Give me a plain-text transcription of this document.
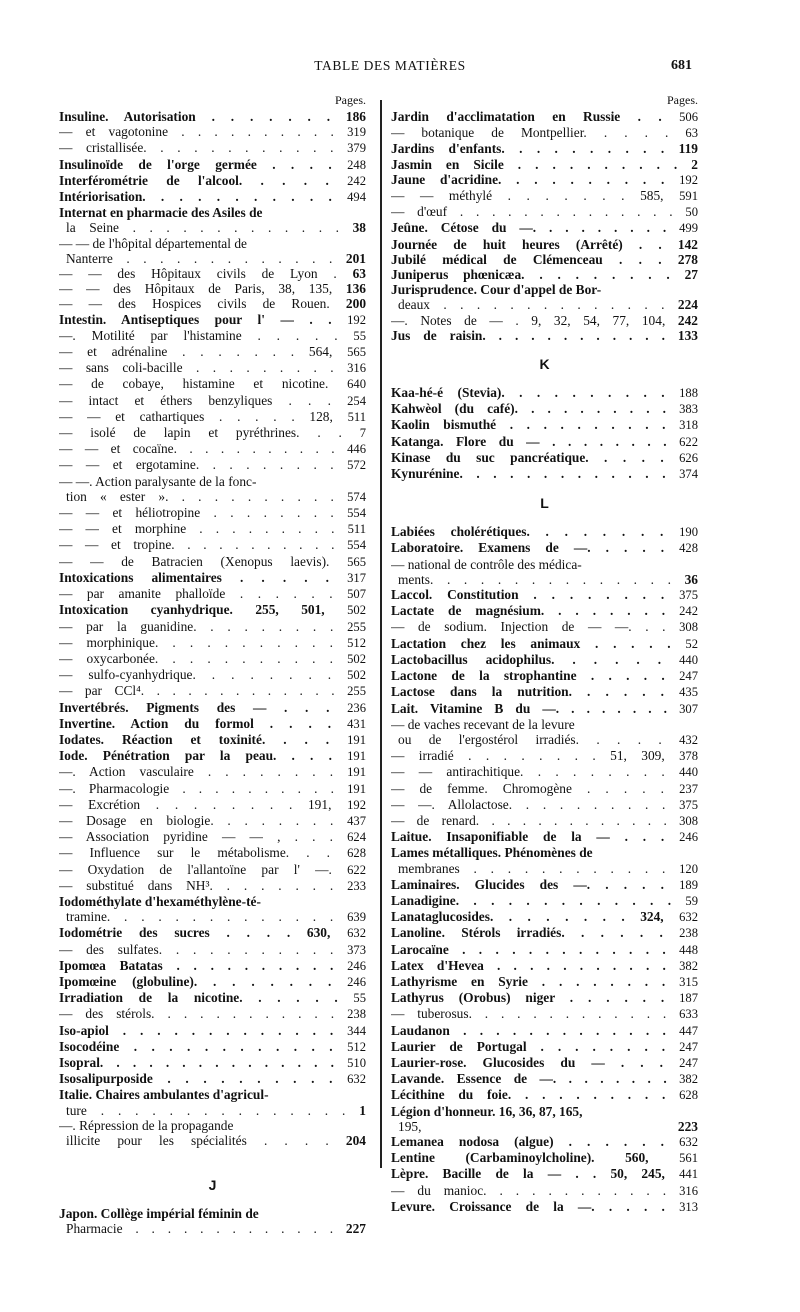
TABLE DES MATIÈRES	681
Pages.
Insuline. Autorisation . . . . . . . 186
— et vagotonine . . . . . . . . . . 319
— cristallisée. . . . . . . . . . . . 379
Insulinoïde de l'orge germée . . . . 248
Interférométrie de l'alcool. . . . . 242
Intériorisation. . . . . . . . . . . 494
Internat en pharmacie des Asiles de
la Seine . . . . . . . . . . . . . 38
— — de l'hôpital départemental de
Nanterre . . . . . . . . . . . . . 201
— — des Hôpitaux civils de Lyon . 63
— — des Hôpitaux de Paris, 38, 135, 136
— — des Hospices civils de Rouen. 200
Intestin. Antiseptiques pour l' — . . 192
—. Motilité par l'histamine . . . . . 55
— et adrénaline . . . . . . . 564, 565
— sans coli-bacille . . . . . . . . . 316
— de cobaye, histamine et nicotine. 640
— intact et éthers benzyliques . . . 254
— — et cathartiques . . . . . 128, 511
— isolé de lapin et pyréthrines. . . 7
— — et cocaïne. . . . . . . . . . . 446
— — et ergotamine. . . . . . . . . 572
— —. Action paralysante de la fonc-
tion « ester ». . . . . . . . . . . 574
— — et héliotropine . . . . . . . . 554
— — et morphine . . . . . . . . . 511
— — et tropine. . . . . . . . . . . 554
— — de Batracien (Xenopus laevis). 565
Intoxications alimentaires . . . . . 317
— par amanite phalloïde . . . . . . 507
Intoxication cyanhydrique. 255, 501, 502
— par la guanidine. . . . . . . . . 255
— morphinique. . . . . . . . . . . 512
— oxycarbonée. . . . . . . . . . . 502
— sulfo-cyanhydrique. . . . . . . . 502
— par CCl⁴. . . . . . . . . . . . . 255
Invertébrés. Pigments des — . . . 236
Invertine. Action du formol . . . . 431
Iodates. Réaction et toxinité. . . . 191
Iode. Pénétration par la peau. . . . 191
—. Action vasculaire . . . . . . . . 191
—. Pharmacologie . . . . . . . . . . 191
— Excrétion . . . . . . . . 191, 192
— Dosage en biologie. . . . . . . . 437
— Association pyridine — — , . . . 624
— Influence sur le métabolisme. . . 628
— Oxydation de l'allantoïne par l' —. 622
— substitué dans NH³. . . . . . . . 233
Iodométhylate d'hexaméthylène-té-
tramine. . . . . . . . . . . . . . 639
Iodométrie des sucres . . . . 630, 632
— des sulfates. . . . . . . . . . . 373
Ipomœa Batatas . . . . . . . . . . 246
Ipomœine (globuline). . . . . . . . 246
Irradiation de la nicotine. . . . . . 55
— des stérols. . . . . . . . . . . . 238
Iso-apiol . . . . . . . . . . . . . 344
Isocodéine . . . . . . . . . . . . 512
Isopral. . . . . . . . . . . . . . . 510
Isosalipurposide . . . . . . . . . . 632
Italie. Chaires ambulantes d'agricul-
ture . . . . . . . . . . . . . . . 1
—. Répression de la propagande
illicite pour les spécialités . . . . 204
J
Japon. Collège impérial féminin de
Pharmacie . . . . . . . . . . . . . 227
Pages.
Jardin d'acclimatation en Russie . . 506
— botanique de Montpellier. . . . . 63
Jardins d'enfants. . . . . . . . . . 119
Jasmin en Sicile . . . . . . . . . . 2
Jaune d'acridine. . . . . . . . . . 192
— — méthylé . . . . . . . 585, 591
— d'œuf . . . . . . . . . . . . . . 50
Jeûne. Cétose du —. . . . . . . . . 499
Journée de huit heures (Arrêté) . . 142
Jubilé médical de Clémenceau . . . 278
Juniperus phœnicæa. . . . . . . . . 27
Jurisprudence. Cour d'appel de Bor-
deaux . . . . . . . . . . . . . . 224
—. Notes de — . 9, 32, 54, 77, 104, 242
Jus de raisin. . . . . . . . . . . . 133
K
Kaa-hé-é (Stevia). . . . . . . . . . 188
Kahwèol (du café). . . . . . . . . . 383
Kaolin bismuthé . . . . . . . . . . 318
Katanga. Flore du — . . . . . . . . 622
Kinase du suc pancréatique. . . . . 626
Kynurénine. . . . . . . . . . . . . 374
L
Labiées cholérétiques. . . . . . . . 190
Laboratoire. Examens de —. . . . . 428
— national de contrôle des médica-
ments. . . . . . . . . . . . . . . 36
Laccol. Constitution . . . . . . . . 375
Lactate de magnésium. . . . . . . . 242
— de sodium. Injection de — —. . . 308
Lactation chez les animaux . . . . . 52
Lactobacillus acidophilus. . . . . . 440
Lactone de la strophantine . . . . . 247
Lactose dans la nutrition. . . . . . 435
Lait. Vitamine B du —. . . . . . . . 307
— de vaches recevant de la levure
ou de l'ergostérol irradiés. . . . . 432
— irradié . . . . . . . . 51, 309, 378
— — antirachitique. . . . . . . . . 440
— de femme. Chromogène . . . . . 237
— —. Allolactose. . . . . . . . . . 375
— de renard. . . . . . . . . . . . . 308
Laitue. Insaponifiable de la — . . . 246
Lames métalliques. Phénomènes de
membranes . . . . . . . . . . . . 120
Laminaires. Glucides des —. . . . . 189
Lanadigine. . . . . . . . . . . . . 59
Lanataglucosides. . . . . . . . 324, 632
Lanoline. Stérols irradiés. . . . . . 238
Larocaïne . . . . . . . . . . . . . 448
Latex d'Hevea . . . . . . . . . . . 382
Lathyrisme en Syrie . . . . . . . . 315
Lathyrus (Orobus) niger . . . . . . 187
— tuberosus. . . . . . . . . . . . . 633
Laudanon . . . . . . . . . . . . . 447
Laurier de Portugal . . . . . . . . 247
Laurier-rose. Glucosides du — . . . 247
Lavande. Essence de —. . . . . . . . 382
Lécithine du foie. . . . . . . . . . 628
Légion d'honneur. 16, 36, 87, 165,
195,	223
Lemanea nodosa (algue) . . . . . . 632
Lentine (Carbaminoylcholine). 560, 561
Lèpre. Bacille de la — . . 50, 245, 441
— du manioc. . . . . . . . . . . . 316
Levure. Croissance de la —. . . . . 313
